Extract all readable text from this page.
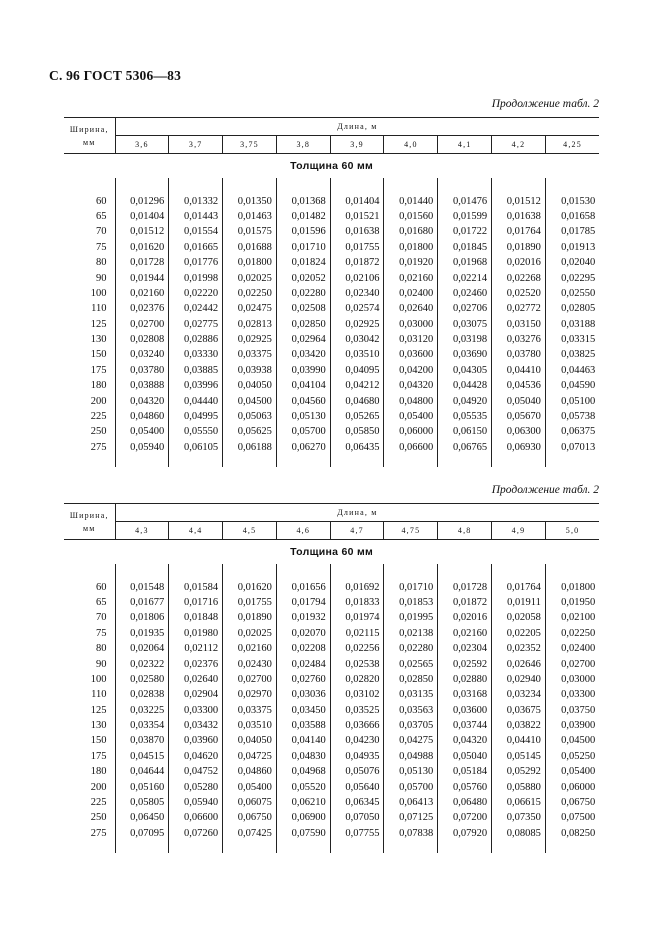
С. 96 ГОСТ 5306—83
Продолжение табл. 2
Ширина, мм	Длина, м								
	3,6	3,7	3,75	3,8	3,9	4,0	4,1	4,2	4,25
Толщина 60 мм									

60	0,01296	0,01332	0,01350	0,01368	0,01404	0,01440	0,01476	0,01512	0,01530
65	0,01404	0,01443	0,01463	0,01482	0,01521	0,01560	0,01599	0,01638	0,01658
70	0,01512	0,01554	0,01575	0,01596	0,01638	0,01680	0,01722	0,01764	0,01785
75	0,01620	0,01665	0,01688	0,01710	0,01755	0,01800	0,01845	0,01890	0,01913
80	0,01728	0,01776	0,01800	0,01824	0,01872	0,01920	0,01968	0,02016	0,02040
90	0,01944	0,01998	0,02025	0,02052	0,02106	0,02160	0,02214	0,02268	0,02295
100	0,02160	0,02220	0,02250	0,02280	0,02340	0,02400	0,02460	0,02520	0,02550
110	0,02376	0,02442	0,02475	0,02508	0,02574	0,02640	0,02706	0,02772	0,02805
125	0,02700	0,02775	0,02813	0,02850	0,02925	0,03000	0,03075	0,03150	0,03188
130	0,02808	0,02886	0,02925	0,02964	0,03042	0,03120	0,03198	0,03276	0,03315
150	0,03240	0,03330	0,03375	0,03420	0,03510	0,03600	0,03690	0,03780	0,03825
175	0,03780	0,03885	0,03938	0,03990	0,04095	0,04200	0,04305	0,04410	0,04463
180	0,03888	0,03996	0,04050	0,04104	0,04212	0,04320	0,04428	0,04536	0,04590
200	0,04320	0,04440	0,04500	0,04560	0,04680	0,04800	0,04920	0,05040	0,05100
225	0,04860	0,04995	0,05063	0,05130	0,05265	0,05400	0,05535	0,05670	0,05738
250	0,05400	0,05550	0,05625	0,05700	0,05850	0,06000	0,06150	0,06300	0,06375
275	0,05940	0,06105	0,06188	0,06270	0,06435	0,06600	0,06765	0,06930	0,07013

Продолжение табл. 2
Ширина, мм	Длина, м								
	4,3	4,4	4,5	4,6	4,7	4,75	4,8	4,9	5,0
Толщина 60 мм									

60	0,01548	0,01584	0,01620	0,01656	0,01692	0,01710	0,01728	0,01764	0,01800
65	0,01677	0,01716	0,01755	0,01794	0,01833	0,01853	0,01872	0,01911	0,01950
70	0,01806	0,01848	0,01890	0,01932	0,01974	0,01995	0,02016	0,02058	0,02100
75	0,01935	0,01980	0,02025	0,02070	0,02115	0,02138	0,02160	0,02205	0,02250
80	0,02064	0,02112	0,02160	0,02208	0,02256	0,02280	0,02304	0,02352	0,02400
90	0,02322	0,02376	0,02430	0,02484	0,02538	0,02565	0,02592	0,02646	0,02700
100	0,02580	0,02640	0,02700	0,02760	0,02820	0,02850	0,02880	0,02940	0,03000
110	0,02838	0,02904	0,02970	0,03036	0,03102	0,03135	0,03168	0,03234	0,03300
125	0,03225	0,03300	0,03375	0,03450	0,03525	0,03563	0,03600	0,03675	0,03750
130	0,03354	0,03432	0,03510	0,03588	0,03666	0,03705	0,03744	0,03822	0,03900
150	0,03870	0,03960	0,04050	0,04140	0,04230	0,04275	0,04320	0,04410	0,04500
175	0,04515	0,04620	0,04725	0,04830	0,04935	0,04988	0,05040	0,05145	0,05250
180	0,04644	0,04752	0,04860	0,04968	0,05076	0,05130	0,05184	0,05292	0,05400
200	0,05160	0,05280	0,05400	0,05520	0,05640	0,05700	0,05760	0,05880	0,06000
225	0,05805	0,05940	0,06075	0,06210	0,06345	0,06413	0,06480	0,06615	0,06750
250	0,06450	0,06600	0,06750	0,06900	0,07050	0,07125	0,07200	0,07350	0,07500
275	0,07095	0,07260	0,07425	0,07590	0,07755	0,07838	0,07920	0,08085	0,08250
